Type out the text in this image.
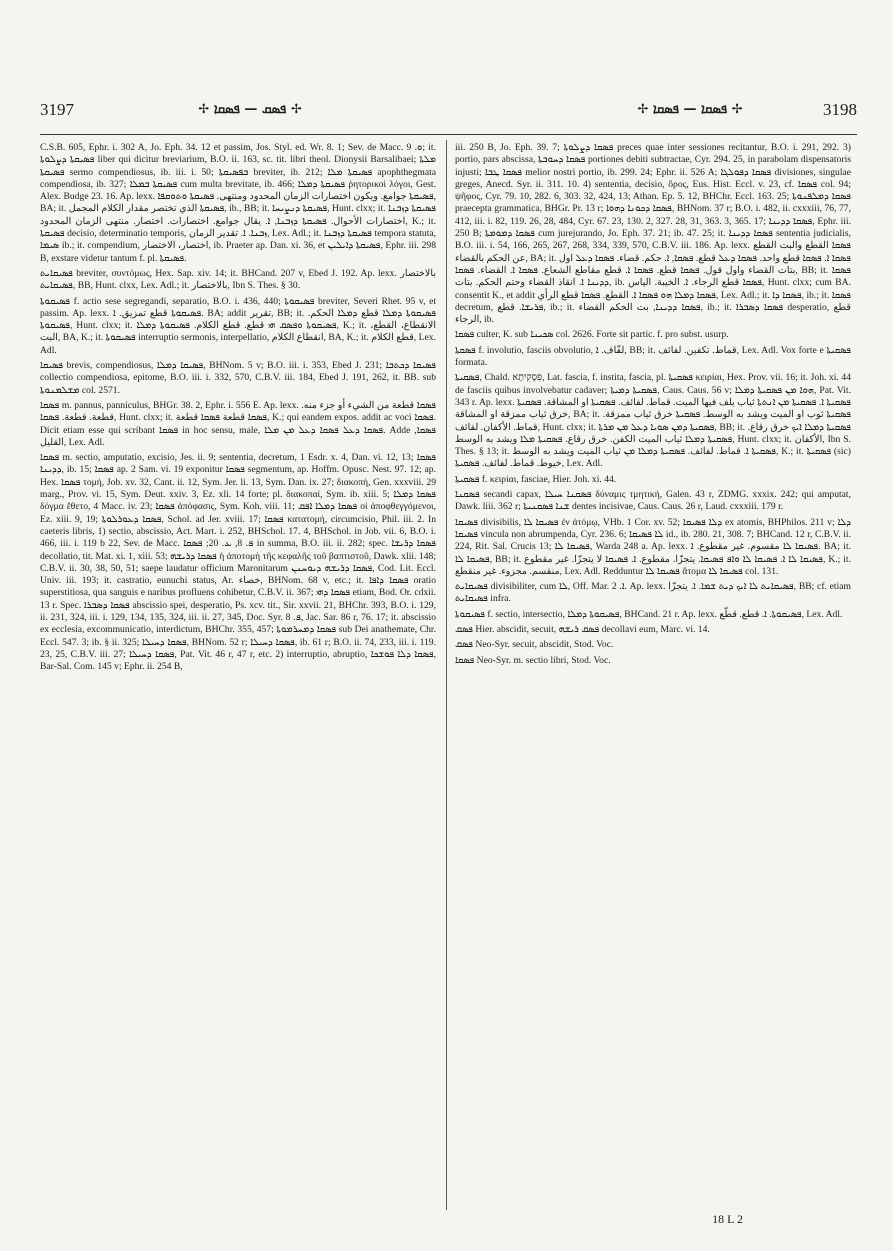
3197	✢ ܦܣܩ — ܦܣܩܐ ✢	✢ ܦܣܩܐ — ܦܣܩܐ ✢	3198

C.S.B. 605, Ephr. i. 302 A, Jo. Eph. 34. 12 et passim, Jos. Styl. ed. Wr. 8. 1; Sev. de Macc. ܘ. 9; it. ܦܣܝܩܬܐ ܕܨܠܘܬܐ liber qui dicitur breviarium, B.O. ii. 163, sc. tit. libri theol. Dionysii Barsalibaei; ܡܠܬܐ ܦܣܝܩܬܐ sermo compendiosus, ib. iii. i. 50; ܒܦܣܝܩܬܐ breviter, ib. 212; ܦܣܝܩܬܐ ܡܠܐ apophthegmata compendiosa, ib. 327; ܦܣܝܩܬܐ ܒܡܠܐ cum multa brevitate, ib. 466; ܦܣܝܩܬܐ ܕܡܠܐ ῥητορικοὶ λόγοι, Gest. Alex. Budge 23. 16. Ap. lexx. ܦܣܝܩܬܐ جوامع. ويكون اختصارات الزمان المحدود ومنتهى. ܦܣܝܩܬܐ ܘܬܘܩܦܐ, BA; it. ܦܣܝܩܬܐ الذي تختصر مقدار الكلام المجمل, ib., BB; it. ܦܣܝܩܬܐ ܕܢܨܝܚܐ, Hunt. clxx; it. ܦܣܝܩܬܐ ܕܙܒܢܐ اختصارات الأحوال. ܦܣܝܩܬܐ ܕܙܒܢܐ, ܐ. يقال جوامع. اختصارات. اختصار. منتهى الزمان المحدود, K.; it. ܦܣܝܩܬܐ decisio, determinatio temporis, ܙܒܢܐ. ܐ. تقدير الزمان, Lex. Adl.; it. ܦܣܝܩܬܐ ܕܙܒܢܐ tempora statuta, ܣܝܡܐ ib.; it. compendium, اختصار، الاختصار, ib. Praeter ap. Dan. xi. 36, et ܦܣܝܩܬܐ ܕܐܝܠܝܢ, Ephr. iii. 298 B, exstare videtur tantum f. pl. ܦܣܝܩܬܐ.

ܦܣܝܩܐܝܬ breviter, συντόμως, Hex. Sap. xiv. 14; it. BHCand. 207 v, Ebed J. 192. Ap. lexx. بالاختصار ܦܣܝܩܐܝܬ, BB, Hunt. clxx, Lex. Adl.; it. بالاختصار, Ibn S. Thes. § 30.

ܦܣܝܩܘܬܐ f. actio sese segregandi, separatio, B.O. i. 436, 440; ܦܣܝܩܘܬܐ breviter, Severi Rhet. 95 v, et passim. Ap. lexx. ܦܣܝܩܘܬܐ قطع تمزيق. ܐ. BA; addit تقرير, BB; it. ܦܣܝܩܘܬܐ ܕܡܠܐ قطع ܕܡܠܐ الحكم. ܦܣܝܩܘܬܐ, Hunt. clxx; it. ܦܣܝܩܘܬܐ ܘܦܣܩ ܗܝ قطع. قطع الكلام. ܦܣܝܩܘܬܐ ܕܡܠܐ, K.; it. الانقطاع، القطع، البت, BA, K.; it. ܦܣܝܩܘܬܐ interruptio sermonis, interpellatio, انقطاع الكلام, BA, K.; it. قطع الكلام, Lex. Adl.

ܦܣܝܩܐ brevis, compendiosus, ܦܣܝܩܐ ܕܡܠܐ, BHNom. 5 v; B.O. iii. i. 353, Ebed J. 231; ܦܣܝܩܐ ܕܟܬܒܐ collectio compendiosa, epitome, B.O. iii. i. 332, 570, C.B.V. iii. 184, Ebed J. 191, 262, it. BB. sub ܡܫܠܡܢܘܬܐ col. 2571.

ܦܣܩܐ m. pannus, panniculus, BHGr. 38. 2, Ephr. i. 556 E. Ap. lexx. ܦܣܩܐ قطعة من الشيء أو جزء منه. قطعة. قطعة. ܦܣܩܐ, Hunt. clxx; it. ܦܣܩܐ قطعة ܦܣܩܐ قطعة, K.; qui eandem expos. addit ac voci ܦܣܩܐ. Dicit etiam esse qui scribant ܦܣܩܐ in hoc sensu, male, ܦܣܩܐ ܕܥܠ ܦܣܩܐ ܕܥܠ ܡܢ ܡܠܐ. Adde ܦܣܩܐ, القليل, Lex. Adl.

ܦܣܩܐ m. sectio, amputatio, excisio, Jes. ii. 9; sententia, decretum, 1 Esdr. x. 4, Dan. vi. 12, 13; ܦܣܩܐ ܕܕܝܢܐ, ib. 15; ܦܣܩܐ ap. 2 Sam. vi. 19 exponitur ܦܣܩܐ segmentum, ap. Hoffm. Opusc. Nest. 97. 12; ap. Hex. ܦܣܩܐ τομή, Job. xv. 32, Cant. ii. 12, Sym. Jer. li. 13, Sym. Dan. ix. 27; διακοπή, Gen. xxxviii. 29 marg., Prov. vi. 15, Sym. Deut. xxiv. 3, Ez. xli. 14 forte; pl. διακοπαί, Sym. ib. xiii. 5; ܦܣܩܐ ܕܡܠܐ δόγμα ἔθετο, 4 Macc. iv. 23; ܦܣܩܐ ἀπόφασις, Sym. Koh. viii. 11; ܦܣܩܐ ܕܡܠܐ ܐܦܩ οἱ ἀποφθεγγόμενοι, Ez. xiii. 9, 19; ܦܣܩܐ ܕܥܘܪܠܘܬܐ, Schol. ad Jer. xviii. 17; ܦܣܩܐ κατατομή, circumcisio, Phil. iii. 2. In caeteris libris, 1) sectio, abscissio, Act. Mart. i. 252, BHSchol. 17. 4, BHSchol. in Job. vii. 6, B.O. i. 466, iii. i. 119 b 22, Sev. de Macc. ܦ. 8, ܥ. 20; ܦܣܩܐ in summa, B.O. iii. ii. 282; spec. ܦܣܩܐ ܕܪܝܫܐ decollatio, tit. Mat. xi. 1, xiii. 53; ܦܣܩܐ ܕܪܝܫܗ ἡ ἀποτομὴ τῆς κεφαλῆς τοῦ βαπτιστοῦ, Dawk. xlii. 148; C.B.V. ii. 30, 38, 50, 51; saepe laudatur officium Maronitarum ܦܣܩܐ ܕܪܝܫܗ ܕܝܘܚܢܢ, Cod. Lit. Eccl. Univ. iii. 193; it. castratio, eunuchi status, Ar. خصاء, BHNom. 68 v, etc.; it. ܦܣܩܐ ܕܐܦܐ oratio superstitiosa, qua sanguis e naribus profluens cohibetur, C.B.V. ii. 367; ܦܣܩܐ ܕܗܝ etiam, Bod. Or. cdxii. 13 r. Spec. ܦܣܩܐ ܕܣܒܪܐ abscissio spei, desperatio, Ps. xcv. tit., Sir. xxvii. 21, BHChr. 393, B.O. i. 129, ii. 231, 324, iii. i. 129, 134, 135, 324, iii. ii. 27, 345, Doc. Syr. ܦ. 8, Jac. Sar. 86 r, 76. 17; it. abscissio ex ecclesia, excommunicatio, interdictum, BHChr. 355, 457; ܦܣܩܐ ܕܡܚܪܡܘܬܐ sub Dei anathemate, Chr. Eccl. 547. 3; ib. § ii. 325; ܦܣܩܐ ܕܚܝܠܐ, BHNom. 52 r; ܦܣܩܐ ܕܚܝܠܐ, ib. 61 r; B.O. ii. 74, 233, iii. i. 119. 23, 25, C.B.V. iii. 27; ܦܣܩܐ ܕܚܝܠܐ, Pat. Vit. 46 r, 47 r, etc. 2) interruptio, abruptio, ܦܣܩܐ ܕܠܐ ܦܘܫܟܐ, Bar-Sal. Com. 145 v; Ephr. ii. 254 B,

iii. 250 B, Jo. Eph. 39. 7; ܦܣܩܐ ܕܨܠܘܬܐ preces quae inter sessiones recitantur, B.O. i. 291, 292. 3) portio, pars abscissa, ܦܣܩܐ ܕܚܘܒܬܐ portiones debiti subtractae, Cyr. 294. 25, in parabolam dispensatoris injusti; ܦܣܩܐ ܛܒܐ melior nostri portio, ib. 299. 24; Ephr. ii. 526 A; ܦܣܩܐ ܕܦܘܠܓܐ divisiones, singulae greges, Anecd. Syr. ii. 311. 10. 4) sententia, decisio, ὅρος, Eus. Hist. Eccl. v. 23, cf. ܦܣܩܐ col. 94; ψῆφος, Cyr. 79. 10, 282. 6, 303. 32, 424, 13; Athan. Ep. 5. 12, BHChr. Eccl. 163. 25; ܦܣܩܐ ܕܡܠܦܢܘܬܐ praecepta grammatica, BHGr. Pr. 13 r; ܦܣܩܐ ܕܟܘܢܐ ܕܗܘܐ, BHNom. 37 r; B.O. i. 482, ii. cxxxiii, 76, 77, 412, iii. i. 82, 119. 26, 28, 484, Cyr. 67. 23, 130. 2, 327. 28, 31, 363. 3, 365. 17; ܦܣܩܐ ܕܕܝܢܐ, Ephr. iii. 250 B; ܦܣܩܐ ܕܡܘܡܬܐ cum jurejurando, Jo. Eph. 37. 21; ib. 47. 25; it. ܦܣܩܐ ܕܕܝܢܐ sententia judicialis, B.O. iii. i. 54, 166, 265, 267, 268, 334, 339, 570, C.B.V. iii. 186. Ap. lexx. ܦܣܩܐ القطع والبت القطع عن الحكم بالقضاء, BA; it. ܦܣܩܐ ܐ. ܦܣܩܐ قطع واحد. ܦܣܩܐ ܕܥܠ قطع. ܦܣܩܐ, ܐ. حكم. قضاء. ܦܣܩܐ ܕܥܠ اول بتات القضاء واول قول. ܦܣܩܐ قطع. ܦܣܩܐ ܐ. قطع مقاطع الشعاع. ܦܣܩܐ ܐ. القضاء. ܦܣܩܐ, BB; it. ܦܣܩܐ ܕܕܝܢܐ ܐ. انقاذ القضاء وحتم الحكم. بتات, ib. ܦܣܩܐ قطع الرجاء. ܐ. الخيبة. الياس, Hunt. clxx; cum BA. consentit K., et addit ܦܣܩܐ ܕܡܠܐ ܗܘ ܦܣܩܐ ܐ. القطع. ܦܣܩܐ قطع الرأي, Lex. Adl.; it. ܦܣܩܐ ܕܐ, ib.; it. ܦܣܩܐ decretum, ܦܪܝܫܐ. قطع, ib.; it. ܦܣܩܐ ܕܕܝܢܐ, بت الحكم القضاء, ib.; it. ܦܣܩܐ ܕܣܒܪܐ desperatio, قطع الرجاء, ib.

ܦܣܩܐ culter, K. sub ܣܟܝܢܐ col. 2626. Forte sit partic. f. pro subst. usurp.

ܦܣܩܬܐ f. involutio, fasciis obvolutio, لفّاف. ܐ, BB; it. قماط. تكفين. لفائف, Lex. Adl. Vox forte e ܦܣܩܝܬܐ formata.

ܦܣܩܝܬܐ, Chald. פִּסְקִיתָא, Lat. fascia, f. instita, fascia, pl. ܦܣܩܝܬܐ κειρίαι, Hex. Prov. vii. 16; it. Joh. xi. 44 de fasciis quibus involvebatur cadaver; ܦܣܩܝܬܐ ܕܡܝܬܐ, Caus. Caus. 56 v; ܗܘܐ ܡܢ ܦܣܩܝܬܐ ܕܡܠܐ, Pat. Vit. 343 r. Ap. lexx. ܦܣܩܝܬܐ ܐ. ܦܣܩܝܬܐ ܡܢ ܐܢܬܬܐ ثياب يلف فيها الميت. قماط. لفائف. ܦܣܩܝܬܐ او المشاقة. ܦܣܩܝܬܐ خرق ثياب ممزقة او المشاقة, BA; it. ܦܣܩܝܬܐ ثوب او الميت ويشد به الوسط. ܦܣܩܝܬܐ خرق ثياب ممزقة. قماط. الأكفان. لفائف, Hunt. clxx; it. ܦܣܩܝܬܐ ܕܡܢ ܣܘܝܐ ܕܥܠ ܡܢ ܡܪܬܐ, BB; it. ܦܣܩܝܬܐ ܕܡܠܐ ܐܝܟ خرق رقاع. ܦܣܩܝܬܐ ܕܡܠܐ ثياب الميت الكفن. خرق رقاع. ܦܣܩܝܬܐ ܡܠܐ ويشد به الوسط, Hunt. clxx; it. الأكفان, Ibn S. Thes. § 13; it. ܦܣܩܝܬܐ ܐ. قماط. لفائف. ܦܣܩܝܬܐ ܕܡܠܐ ܡܢ ثياب الميت ويشد به الوسط, K.; it. ܦܣܩܝܬܐ (sic) خيوط. قماط. لفائف. ܦܣܩܝܬܐ, Lex. Adl.

ܦܣܩܝܬܐ f. κειρίαι, fasciae, Hier. Joh. xi. 44.

ܦܣܩܢܐ secandi capax, ܦܣܩܢܐ ܚܝܠܐ δύναμις τμητική, Galen. 43 r, ZDMG. xxxix. 242; qui amputat, Dawk. liii. 362 r; ܫܢܐ ܦܣܩܢܝܬܐ dentes incisivae, Caus. Caus. 26 r, Laud. cxxxiii. 179 r.

ܦܣܝܩܐ divisibilis, ܦܣܝܩܐ ܠܐ ἐν ἀτόμῳ, VHb. 1 Cor. xv. 52; ܕܠܐ ܦܣܝܩܐ ex atomis, BHPhilos. 211 v; ܕܠܐ ܦܣܝܩܐ vincula non abrumpenda, Cyr. 236. 6; ܠܐ ܦܣܝܩܐ id., ib. 280. 21, 308. 7; BHCand. 12 r, C.B.V. ii. 224, Rit. Sal. Crucis 13; ܦܣܝܩܐ ܠܐ, Warda 248 a. Ap. lexx. ܦܣܝܩܐ ܠܐ مقسوم. غير مقطوع. ܐ. BA; it. ܦܣܝܩܐ ܠܐ, BB; it. ܦܣܝܩܐ ܠܐ ܐ. ܦܣܝܩܐ ܠܐ ܘܐܦ ܦܣܝܩܐ. يتجزّا. مقطوع. ܐ. ܦܣܝܩܐ لا يتجزّا. غير مقطوع, K.; it. منقسم. مجزوء. غير منقطع, Lex. Adl. Redduntur ܦܣܝܩܐ ܠܐ ἄτομα ܦܣܝܩܐ ܠܐ col. 131.

ܦܣܝܩܐܝܬ divisibiliter, cum ܠܐ, Off. Mar. ܐ. 2. Ap. lexx. ܦܣܝܩܐܝܬ ܠܐ ܐܝܟ ܕܝܬ ܫܡܐ. ܐ. يتجزّا, BB; cf. etiam ܦܣܝܩܐܝܬ infra.

ܦܣܝܩܘܬܐ f. sectio, intersectio, ܦܣܝܩܘܬܐ ܕܡܠܐ, BHCand. 21 r. Ap. lexx. ܦܣܝܩܘܬܐ. ܐ. قطع. قطّع, Lex. Adl.

ܦܣܩ Hier. abscidit, secuit, ܦܣܩ ܪܝܫܗ decollavi eum, Marc. vi. 14.

ܦܣܩ Neo-Syr. secuit, abscidit, Stod. Voc.

ܦܣܩܐ Neo-Syr. m. sectio libri, Stod. Voc.

18 L 2
